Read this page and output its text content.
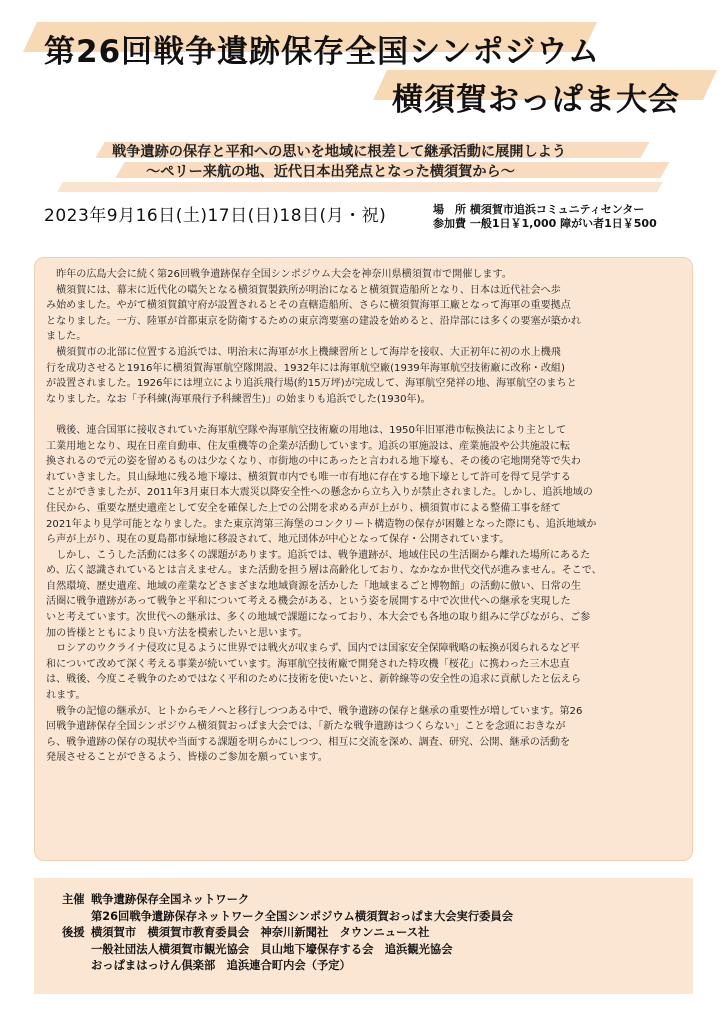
第26回戦争遺跡保存全国シンポジウム
横須賀おっぱま大会
戦争遺跡の保存と平和への思いを地域に根差して継承活動に展開しよう
〜ペリー来航の地、近代日本出発点となった横須賀から〜
2023年9月16日(土)17日(日)18日(月・祝)	場　所 横須賀市追浜コミュニティセンター
参加費 一般1日￥1,000 障がい者1日￥500

昨年の広島大会に続く第26回戦争遺跡保存全国シンポジウム大会を神奈川県横須賀市で開催します。

横須賀には、幕末に近代化の嚆矢となる横須賀製鉄所が明治になると横須賀造船所となり、日本は近代社会へ歩
み始めました。やがて横須賀鎮守府が設置されるとその直轄造船所、さらに横須賀海軍工廠となって海軍の重要拠点
となりました。一方、陸軍が首都東京を防衛するための東京湾要塞の建設を始めると、沿岸部には多くの要塞が築かれ
ました。

横須賀市の北部に位置する追浜では、明治末に海軍が水上機練習所として海岸を接収、大正初年に初の水上機飛
行を成功させると1916年に横須賀海軍航空隊開設、1932年には海軍航空廠(1939年海軍航空技術廠に改称・改組)
が設置されました。1926年には埋立により追浜飛行場(約15万坪)が完成して、海軍航空発祥の地、海軍航空のまちと
なりました。なお「予科練(海軍飛行予科練習生)」の始まりも追浜でした(1930年)。

戦後、連合国軍に接収されていた海軍航空隊や海軍航空技術廠の用地は、1950年旧軍港市転換法により主として
工業用地となり、現在日産自動車、住友重機等の企業が活動しています。追浜の軍施設は、産業施設や公共施設に転
換されるので元の姿を留めるものは少なくなり、市街地の中にあったと言われる地下壕も、その後の宅地開発等で失わ
れていきました。貝山緑地に残る地下壕は、横須賀市内でも唯一市有地に存在する地下壕として許可を得て見学する
ことができましたが、2011年3月東日本大震災以降安全性への懸念から立ち入りが禁止されました。しかし、追浜地域の
住民から、重要な歴史遺産として安全を確保した上での公開を求める声が上がり、横須賀市による整備工事を経て
2021年より見学可能となりました。また東京湾第三海堡のコンクリート構造物の保存が困難となった際にも、追浜地域か
ら声が上がり、現在の夏島都市緑地に移設されて、地元団体が中心となって保存・公開されています。

しかし、こうした活動には多くの課題があります。追浜では、戦争遺跡が、地域住民の生活圏から離れた場所にあるた
め、広く認識されているとは言えません。また活動を担う層は高齢化しており、なかなか世代交代が進みません。そこで、
自然環境、歴史遺産、地域の産業などさまざまな地域資源を活かした「地域まるごと博物館」の活動に倣い、日常の生
活圏に戦争遺跡があって戦争と平和について考える機会がある、という姿を展開する中で次世代への継承を実現した
いと考えています。次世代への継承は、多くの地域で課題になっており、本大会でも各地の取り組みに学びながら、ご参
加の皆様とともにより良い方法を模索したいと思います。

ロシアのウクライナ侵攻に見るように世界では戦火が収まらず、国内では国家安全保障戦略の転換が図られるなど平
和について改めて深く考える事業が続いています。海軍航空技術廠で開発された特攻機「桜花」に携わった三木忠直
は、戦後、今度こそ戦争のためではなく平和のために技術を使いたいと、新幹線等の安全性の追求に貢献したと伝えら
れます。

戦争の記憶の継承が、ヒトからモノへと移行しつつある中で、戦争遺跡の保存と継承の重要性が増しています。第26
回戦争遺跡保存全国シンポジウム横須賀おっぱま大会では、「新たな戦争遺跡はつくらない」ことを念頭におきなが
ら、戦争遺跡の保存の現状や当面する課題を明らかにしつつ、相互に交流を深め、調査、研究、公開、継承の活動を
発展させることができるよう、皆様のご参加を願っています。

主催 戦争遺跡保存全国ネットワーク
第26回戦争遺跡保存ネットワーク全国シンポジウム横須賀おっぱま大会実行委員会
後援 横須賀市　横須賀市教育委員会　神奈川新聞社　タウンニュース社
一般社団法人横須賀市観光協会　貝山地下壕保存する会　追浜観光協会
おっぱまはっけん倶楽部　追浜連合町内会（予定）
